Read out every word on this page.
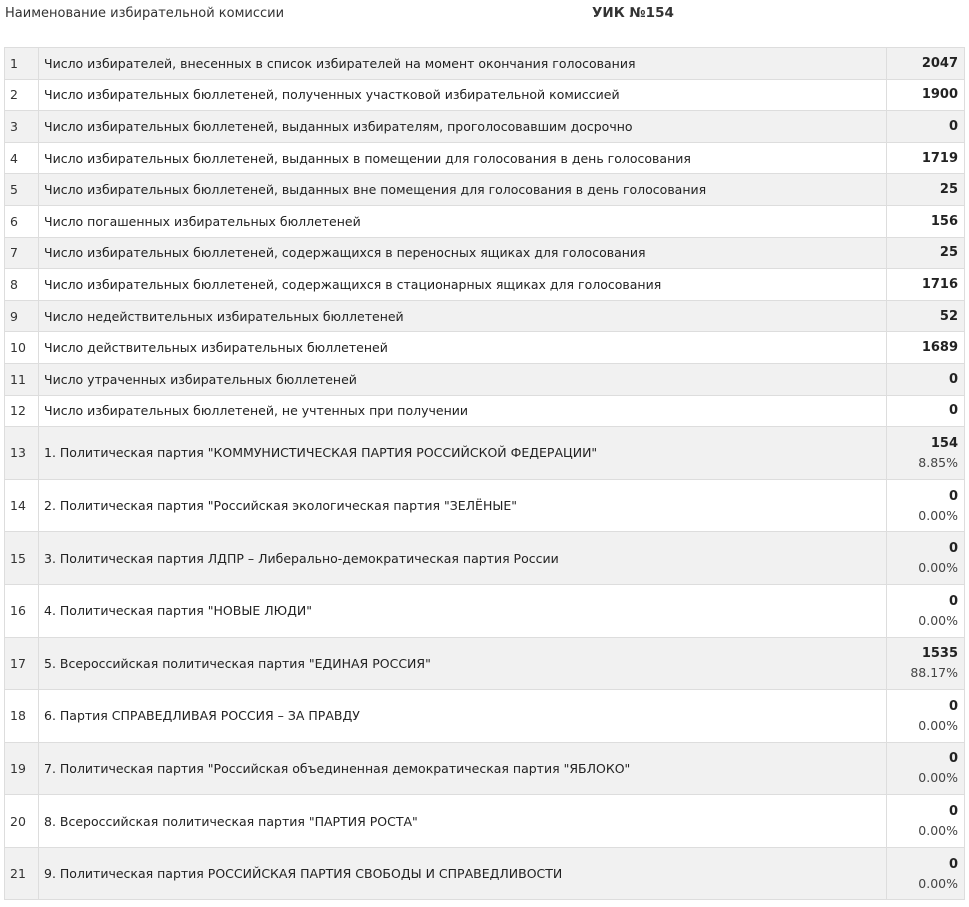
Наименование избирательной комиссии	УИК №154
1	Число избирателей, внесенных в список избирателей на момент окончания голосования	2047
2	Число избирательных бюллетеней, полученных участковой избирательной комиссией	1900
3	Число избирательных бюллетеней, выданных избирателям, проголосовавшим досрочно	0
4	Число избирательных бюллетеней, выданных в помещении для голосования в день голосования	1719
5	Число избирательных бюллетеней, выданных вне помещения для голосования в день голосования	25
6	Число погашенных избирательных бюллетеней	156
7	Число избирательных бюллетеней, содержащихся в переносных ящиках для голосования	25
8	Число избирательных бюллетеней, содержащихся в стационарных ящиках для голосования	1716
9	Число недействительных избирательных бюллетеней	52
10	Число действительных избирательных бюллетеней	1689
11	Число утраченных избирательных бюллетеней	0
12	Число избирательных бюллетеней, не учтенных при получении	0
13	1. Политическая партия "КОММУНИСТИЧЕСКАЯ ПАРТИЯ РОССИЙСКОЙ ФЕДЕРАЦИИ"	154
8.85%

14	2. Политическая партия "Российская экологическая партия "ЗЕЛЁНЫЕ"	0
0.00%

15	3. Политическая партия ЛДПР – Либерально-демократическая партия России	0
0.00%

16	4. Политическая партия "НОВЫЕ ЛЮДИ"	0
0.00%

17	5. Всероссийская политическая партия "ЕДИНАЯ РОССИЯ"	1535
88.17%

18	6. Партия СПРАВЕДЛИВАЯ РОССИЯ – ЗА ПРАВДУ	0
0.00%

19	7. Политическая партия "Российская объединенная демократическая партия "ЯБЛОКО"	0
0.00%

20	8. Всероссийская политическая партия "ПАРТИЯ РОСТА"	0
0.00%

21	9. Политическая партия РОССИЙСКАЯ ПАРТИЯ СВОБОДЫ И СПРАВЕДЛИВОСТИ	0
0.00%
